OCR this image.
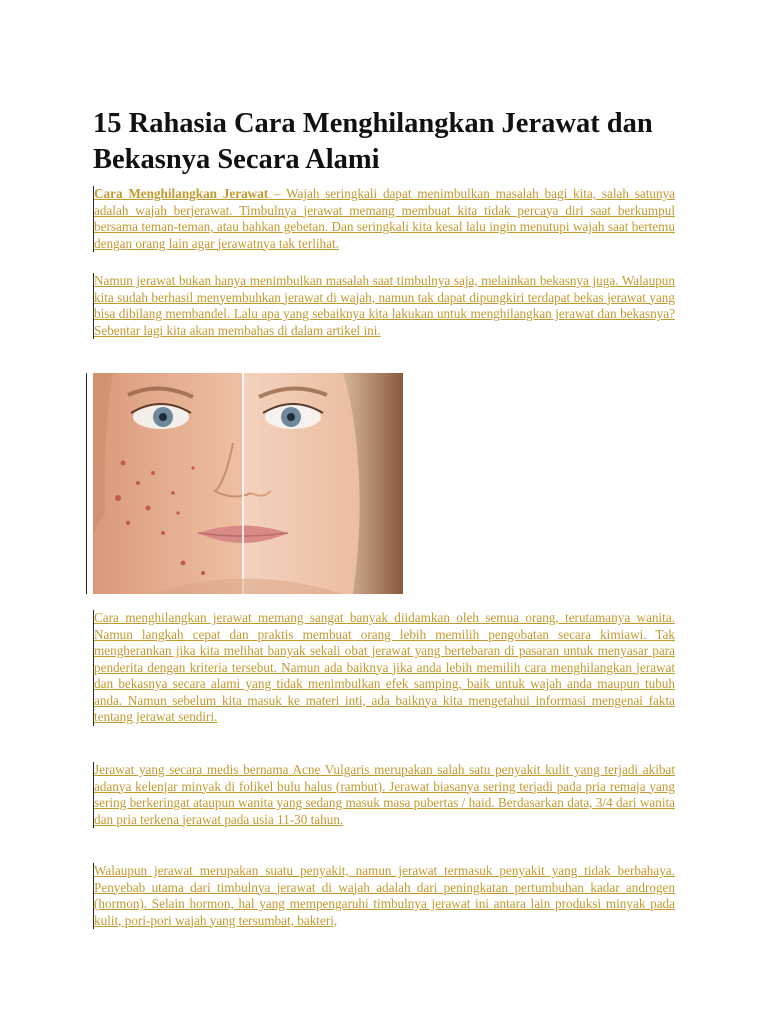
15 Rahasia Cara Menghilangkan Jerawat dan Bekasnya Secara Alami

Cara Menghilangkan Jerawat – Wajah seringkali dapat menimbulkan masalah bagi kita, salah satunya adalah wajah berjerawat. Timbulnya jerawat memang membuat kita tidak percaya diri saat berkumpul bersama teman-teman, atau bahkan gebetan. Dan seringkali kita kesal lalu ingin menutupi wajah saat bertemu dengan orang lain agar jerawatnya tak terlihat.

Namun jerawat bukan hanya menimbulkan masalah saat timbulnya saja, melainkan bekasnya juga. Walaupun kita sudah berhasil menyembuhkan jerawat di wajah, namun tak dapat dipungkiri terdapat bekas jerawat yang bisa dibilang membandel. Lalu apa yang sebaiknya kita lakukan untuk menghilangkan jerawat dan bekasnya? Sebentar lagi kita akan membahas di dalam artikel ini.

Cara menghilangkan jerawat memang sangat banyak diidamkan oleh semua orang, terutamanya wanita. Namun langkah cepat dan praktis membuat orang lebih memilih pengobatan secara kimiawi. Tak mengherankan jika kita melihat banyak sekali obat jerawat yang bertebaran di pasaran untuk menyasar para penderita dengan kriteria tersebut. Namun ada baiknya jika anda lebih memilih cara menghilangkan jerawat dan bekasnya secara alami yang tidak menimbulkan efek samping, baik untuk wajah anda maupun tubuh anda. Namun sebelum kita masuk ke materi inti, ada baiknya kita mengetahui informasi mengenai fakta tentang jerawat sendiri.

Jerawat yang secara medis bernama Acne Vulgaris merupakan salah satu penyakit kulit yang terjadi akibat adanya kelenjar minyak di folikel bulu halus (rambut). Jerawat biasanya sering terjadi pada pria remaja yang sering berkeringat ataupun wanita yang sedang masuk masa pubertas / haid. Berdasarkan data, 3/4 dari wanita dan pria terkena jerawat pada usia 11-30 tahun.

Walaupun jerawat merupakan suatu penyakit, namun jerawat termasuk penyakit yang tidak berbahaya. Penyebab utama dari timbulnya jerawat di wajah adalah dari peningkatan pertumbuhan kadar androgen (hormon). Selain hormon, hal yang mempengaruhi timbulnya jerawat ini antara lain produksi minyak pada kulit, pori-pori wajah yang tersumbat, bakteri,
